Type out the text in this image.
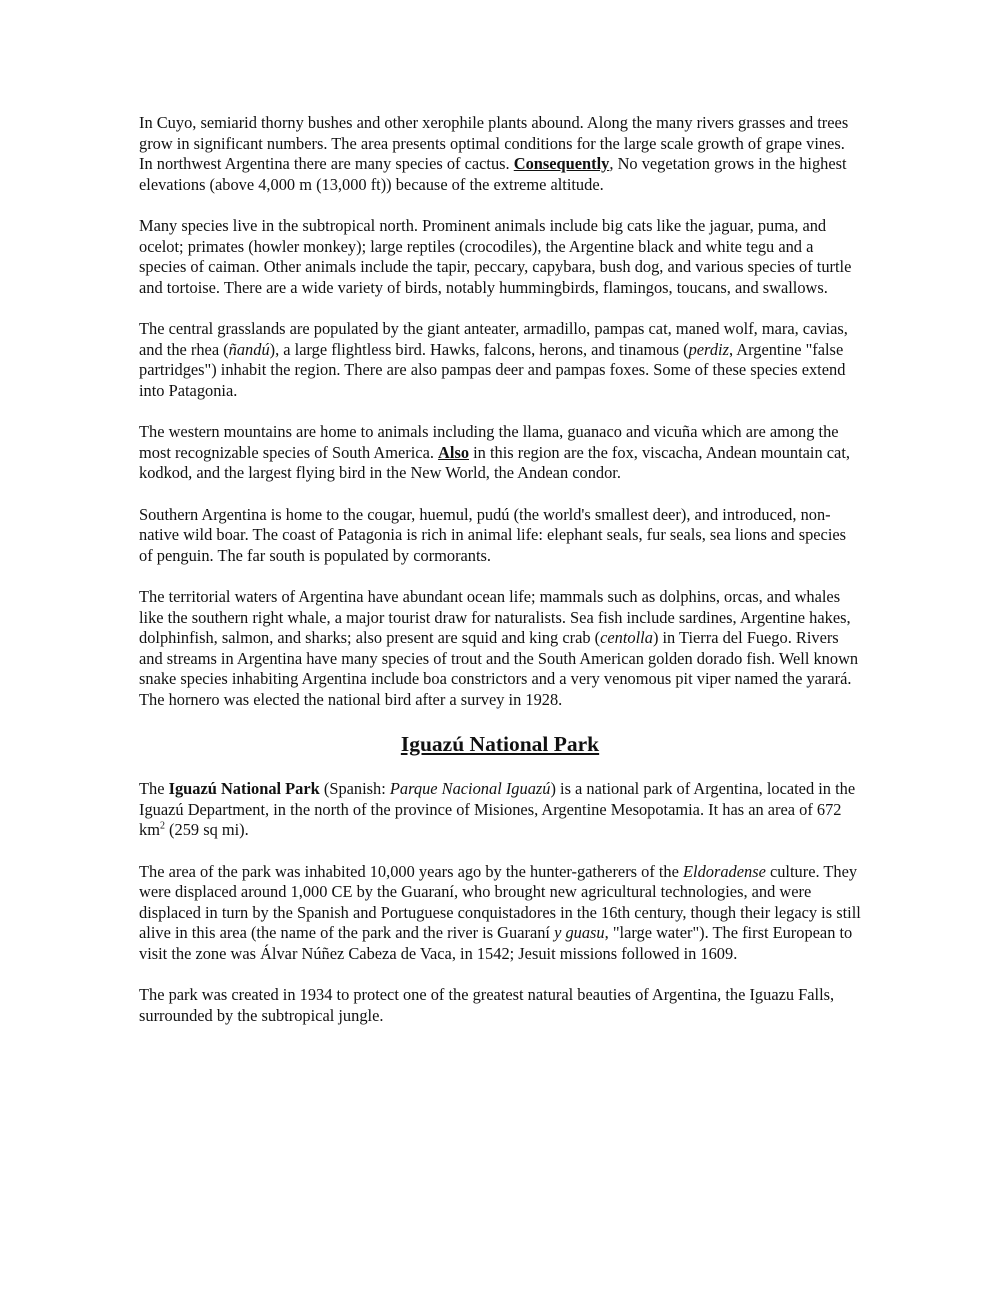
In Cuyo, semiarid thorny bushes and other xerophile plants abound. Along the many rivers grasses and trees grow in significant numbers. The area presents optimal conditions for the large scale growth of grape vines. In northwest Argentina there are many species of cactus. Consequently, No vegetation grows in the highest elevations (above 4,000 m (13,000 ft)) because of the extreme altitude.

Many species live in the subtropical north. Prominent animals include big cats like the jaguar, puma, and ocelot; primates (howler monkey); large reptiles (crocodiles), the Argentine black and white tegu and a species of caiman. Other animals include the tapir, peccary, capybara, bush dog, and various species of turtle and tortoise. There are a wide variety of birds, notably hummingbirds, flamingos, toucans, and swallows.

The central grasslands are populated by the giant anteater, armadillo, pampas cat, maned wolf, mara, cavias, and the rhea (ñandú), a large flightless bird. Hawks, falcons, herons, and tinamous (perdiz, Argentine "false partridges") inhabit the region. There are also pampas deer and pampas foxes. Some of these species extend into Patagonia.

The western mountains are home to animals including the llama, guanaco and vicuña which are among the most recognizable species of South America. Also in this region are the fox, viscacha, Andean mountain cat, kodkod, and the largest flying bird in the New World, the Andean condor.

Southern Argentina is home to the cougar, huemul, pudú (the world's smallest deer), and introduced, non-native wild boar. The coast of Patagonia is rich in animal life: elephant seals, fur seals, sea lions and species of penguin. The far south is populated by cormorants.

The territorial waters of Argentina have abundant ocean life; mammals such as dolphins, orcas, and whales like the southern right whale, a major tourist draw for naturalists. Sea fish include sardines, Argentine hakes, dolphinfish, salmon, and sharks; also present are squid and king crab (centolla) in Tierra del Fuego. Rivers and streams in Argentina have many species of trout and the South American golden dorado fish. Well known snake species inhabiting Argentina include boa constrictors and a very venomous pit viper named the yarará. The hornero was elected the national bird after a survey in 1928.

Iguazú National Park

The Iguazú National Park (Spanish: Parque Nacional Iguazú) is a national park of Argentina, located in the Iguazú Department, in the north of the province of Misiones, Argentine Mesopotamia. It has an area of 672 $km^2$ (259 sq mi).

The area of the park was inhabited 10,000 years ago by the hunter-gatherers of the Eldoradense culture. They were displaced around 1,000 CE by the Guaraní, who brought new agricultural technologies, and were displaced in turn by the Spanish and Portuguese conquistadores in the 16th century, though their legacy is still alive in this area (the name of the park and the river is Guaraní y guasu, "large water"). The first European to visit the zone was Álvar Núñez Cabeza de Vaca, in 1542; Jesuit missions followed in 1609.

The park was created in 1934 to protect one of the greatest natural beauties of Argentina, the Iguazu Falls, surrounded by the subtropical jungle.
